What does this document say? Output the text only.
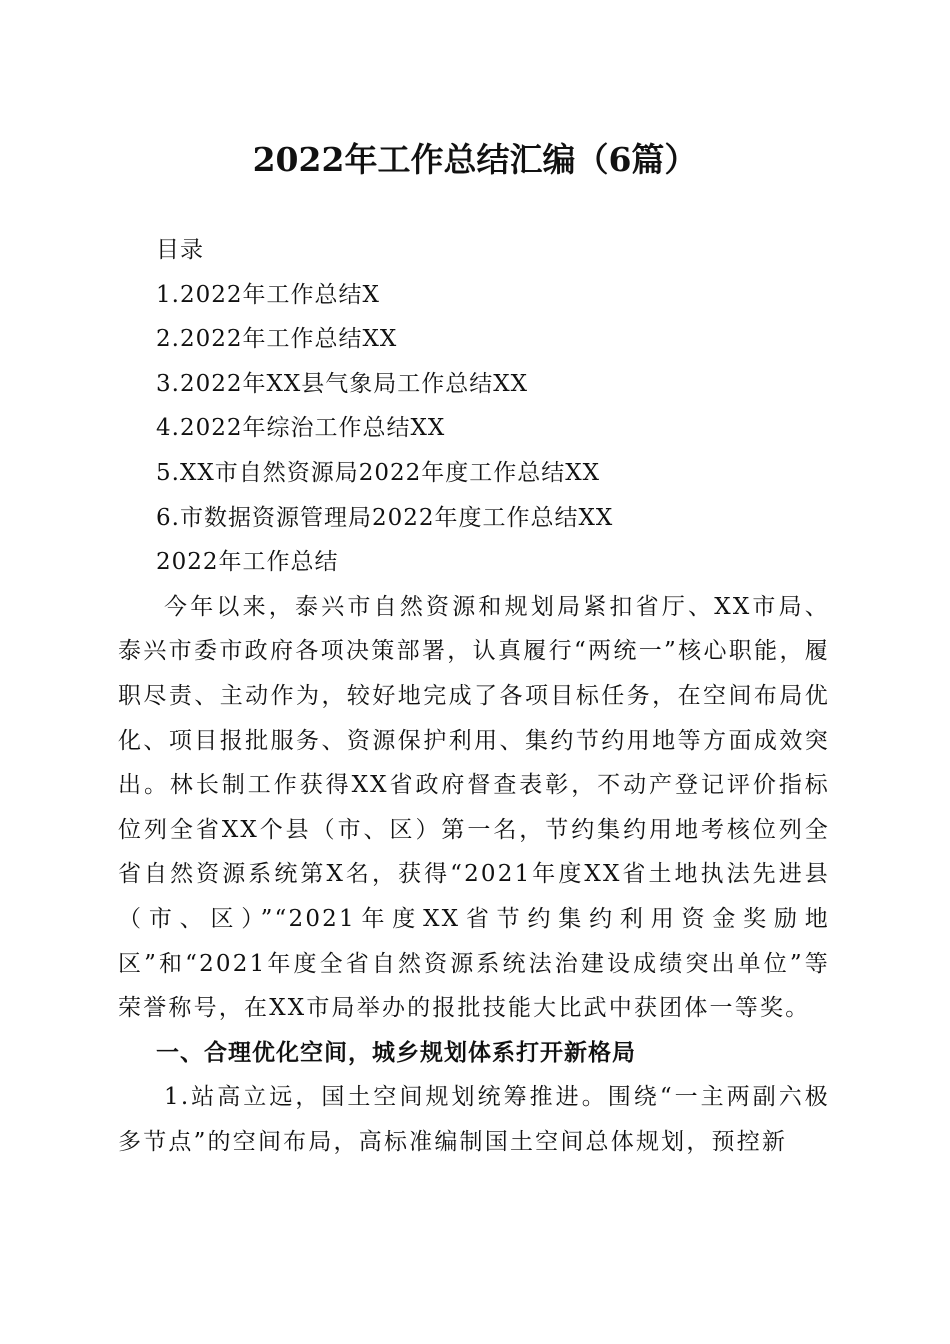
2022年工作总结汇编（6篇）
目录
1.2022年工作总结X
2.2022年工作总结XX
3.2022年XX县气象局工作总结XX
4.2022年综治工作总结XX
5.XX市自然资源局2022年度工作总结XX
6.市数据资源管理局2022年度工作总结XX
2022年工作总结

今年以来，泰兴市自然资源和规划局紧扣省厅、XX市局、泰兴市委市政府各项决策部署，认真履行“两统一”核心职能，履职尽责、主动作为，较好地完成了各项目标任务，在空间布局优化、项目报批服务、资源保护利用、集约节约用地等方面成效突出。林长制工作获得XX省政府督查表彰，不动产登记评价指标位列全省XX个县（市、区）第一名，节约集约用地考核位列全省自然资源系统第X名，获得“2021年度XX省土地执法先进县（市、区）”“2021年度XX省节约集约利用资金奖励地区”和“2021年度全省自然资源系统法治建设成绩突出单位”等荣誉称号，在XX市局举办的报批技能大比武中获团体一等奖。

一、合理优化空间，城乡规划体系打开新格局

1.站高立远，国土空间规划统筹推进。围绕“一主两副六极多节点”的空间布局，高标准编制国土空间总体规划，预控新
